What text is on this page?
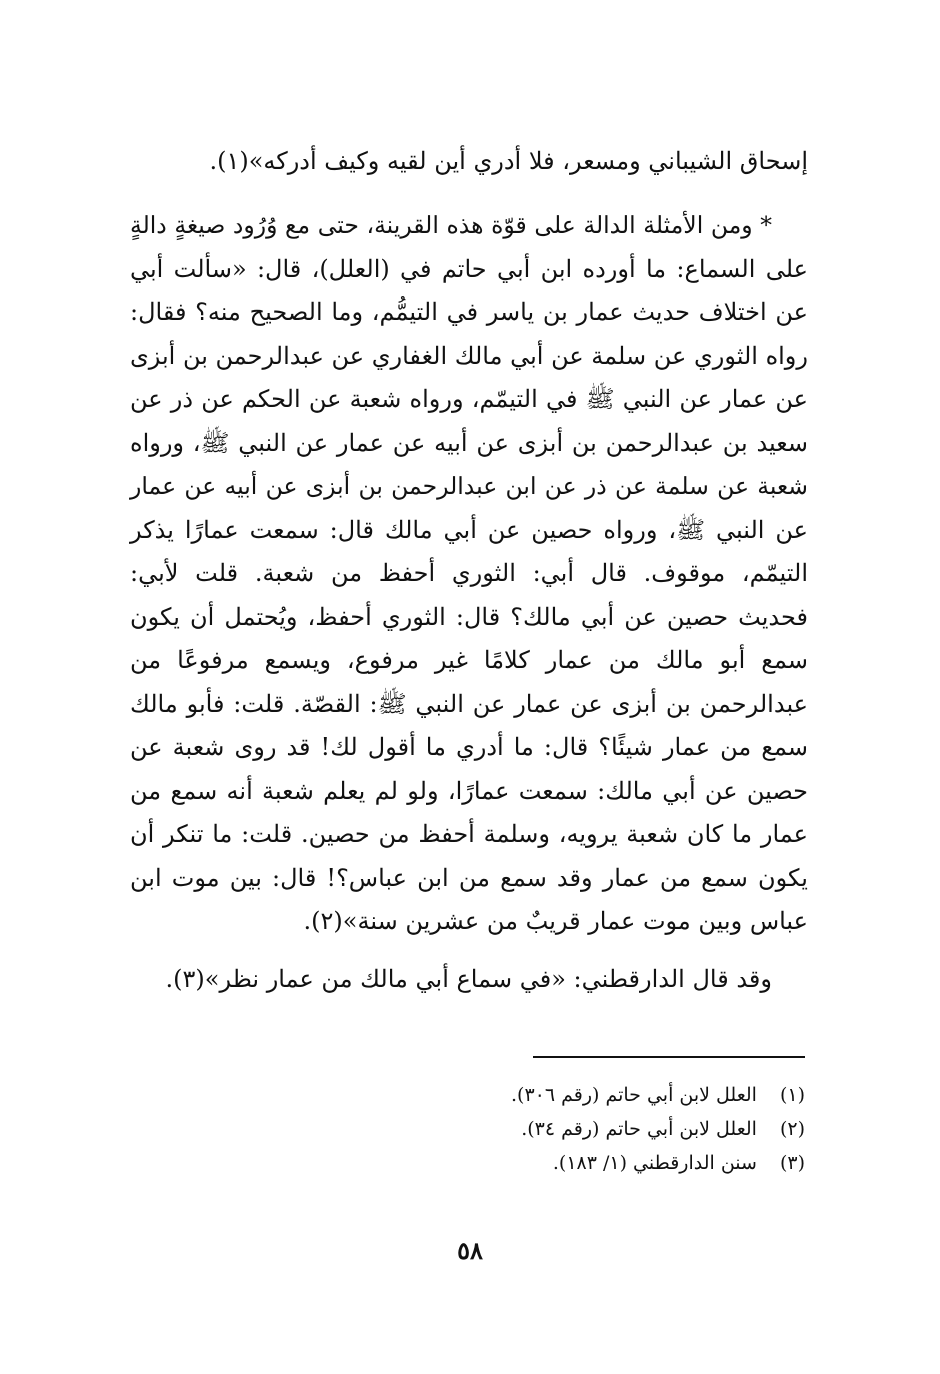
إسحاق الشيباني ومسعر، فلا أدري أين لقيه وكيف أدركه»(١).
* ومن الأمثلة الدالة على قوّة هذه القرينة، حتى مع وُرُود صيغةٍ دالةٍ
على السماع: ما أورده ابن أبي حاتم في (العلل)، قال: «سألت أبي
عن اختلاف حديث عمار بن ياسر في التيمُّم، وما الصحيح منه؟ فقال:
رواه الثوري عن سلمة عن أبي مالك الغفاري عن عبدالرحمن بن أبزى
عن عمار عن النبي ﷺ في التيمّم، ورواه شعبة عن الحكم عن ذر عن
سعيد بن عبدالرحمن بن أبزى عن أبيه عن عمار عن النبي ﷺ، ورواه
شعبة عن سلمة عن ذر عن ابن عبدالرحمن بن أبزى عن أبيه عن عمار
عن النبي ﷺ، ورواه حصين عن أبي مالك قال: سمعت عمارًا يذكر
التيمّم، موقوف. قال أبي: الثوري أحفظ من شعبة. قلت لأبي:
فحديث حصين عن أبي مالك؟ قال: الثوري أحفظ، ويُحتمل أن يكون
سمع أبو مالك من عمار كلامًا غير مرفوع، ويسمع مرفوعًا من
عبدالرحمن بن أبزى عن عمار عن النبي ﷺ: القصّة. قلت: فأبو مالك
سمع من عمار شيئًا؟ قال: ما أدري ما أقول لك! قد روى شعبة عن
حصين عن أبي مالك: سمعت عمارًا، ولو لم يعلم شعبة أنه سمع من
عمار ما كان شعبة يرويه، وسلمة أحفظ من حصين. قلت: ما تنكر أن
يكون سمع من عمار وقد سمع من ابن عباس؟! قال: بين موت ابن
عباس وبين موت عمار قريبٌ من عشرين سنة»(٢).
وقد قال الدارقطني: «في سماع أبي مالك من عمار نظر»(٣).
(١) العلل لابن أبي حاتم (رقم ٣٠٦).
(٢) العلل لابن أبي حاتم (رقم ٣٤).
(٣) سنن الدارقطني (١/ ١٨٣).
٥٨
